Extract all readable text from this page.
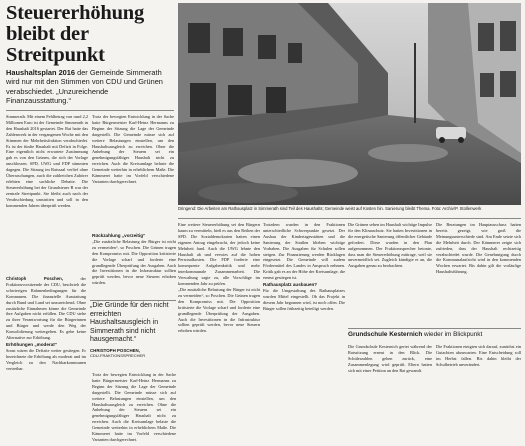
Steuererhöhung bleibt der Streitpunkt

Haushaltsplan 2016 der Gemeinde Simmerath wird nur mit den Stimmen von CDU und Grünen verabschiedet. „Unzureichende Finanzausstattung.“

Simmerath. Mit einem Fehlbetrag von rund 2,2 Millionen Euro ist der Gemeinde Simmerath in den Haushalt 2016 gestartet. Der Rat hatte das Zahlenwerk in der vergangenen Woche mit den Stimmen der Mehrheitsfraktion verabschiedet. Es ist der fünfte Haushalt mit Defizit in Folge. Eine eigentlich nicht erwartete Zustimmung gab es von den Grünen, die sich der Vorlage anschlossen. SPD, UWG und FDP stimmten dagegen. Die Sitzung im Ratssaal verlief ohne Überraschungen, auch die zahlreichen Zuhörer erlebten eine sachliche Debatte. Die Steuererhöhung bei der Grundsteuer B war der zentrale Streitpunkt. Sie bleibt auch nach der Verabschiedung umstritten und soll in den kommenden Jahren überprüft werden.

Trotz der bewegten Entwicklung in der Sache hatte Bürgermeister Karl-Heinz Hermanns zu Beginn der Sitzung die Lage der Gemeinde dargestellt. Die Gemeinde müsse sich auf weitere Belastungen einstellen, um den Haushaltsausgleich zu erreichen. Ohne die Anhebung der Steuern sei ein genehmigungsfähiger Haushalt nicht zu erreichen. Auch die Kreisumlage belaste die Gemeinde weiterhin in erheblichem Maße. Die Kämmerei hatte im Vorfeld verschiedene Varianten durchgerechnet.

Christoph Poschen,	der Fraktionsvorsitzende der CDU, beschrieb die schwierigen Rahmenbedingungen für die Kommunen. Die finanzielle Ausstattung durch Bund und Land sei unzureichend. Ohne zusätzliche Einnahmen könne die Gemeinde ihre Aufgaben nicht erfüllen. Die CDU stehe zu ihrer Verantwortung für die Bürgerinnen und Bürger und werde den Weg der Konsolidierung weitergehen. Es gebe keine Alternative zur Erhöhung.

Erhöhungen „moderat“

Sonst wären die Defizite weiter gestiegen. Er bezeichnete die Erhöhung als moderat und im Vergleich zu den Nachbarkommunen vertretbar.

Rückzahlung „vorzeitig“

„Die zusätzliche Belastung der Bürger ist nicht zu vermeiden“, so Poschen. Die Grünen trugen den Kompromiss mit. Die Opposition kritisierte die Vorlage scharf und forderte eine grundlegende Überprüfung der Ausgaben. Auch die Investitionen in die Infrastruktur sollten geprüft werden, bevor neue Steuern erhoben würden.

„Die Gründe für den nicht erreichten Haushaltsausgleich in Simmerath sind nicht hausgemacht.“

CHRISTOPH POSCHEN,

CDU-FRAKTIONSSPRECHER

Trotz der bewegten Entwicklung in der Sache hatte Bürgermeister Karl-Heinz Hermanns zu Beginn der Sitzung die Lage der Gemeinde dargestellt. Die Gemeinde müsse sich auf weitere Belastungen einstellen, um den Haushaltsausgleich zu erreichen. Ohne die Anhebung der Steuern sei ein genehmigungsfähiger Haushalt nicht zu erreichen. Auch die Kreisumlage belaste die Gemeinde weiterhin in erheblichem Maße. Die Kämmerei hatte im Vorfeld verschiedene Varianten durchgerechnet.

Dringend: Die Arbeiten am Rathausplatz in Simmerath sind Teil des Haushalts; Gemeinde weist auf Kosten hin. Sanierung bleibt Thema. Foto: Archiv/P. Stollenwerk

Eine weitere Steuererhöhung sei den Bürgern kaum zu vermitteln, hieß es aus den Reihen der SPD. Die Sozialdemokraten hatten einen eigenen Antrag eingebracht, der jedoch keine Mehrheit fand. Auch die UWG lehnte den Haushalt ab und verwies auf die hohen Personalkosten. Die FDP forderte eine konsequente Aufgabenkritik und mehr interkommunale Zusammenarbeit. Die Verwaltung sagte zu, alle Vorschläge im kommenden Jahr zu prüfen.

„Die zusätzliche Belastung der Bürger ist nicht zu vermeiden“, so Poschen. Die Grünen trugen den Kompromiss mit. Die Opposition kritisierte die Vorlage scharf und forderte eine grundlegende Überprüfung der Ausgaben. Auch die Investitionen in die Infrastruktur sollten geprüft werden, bevor neue Steuern erhoben würden.

Trotzdem wurden in den Fraktionen unterschiedliche Schwerpunkte gesetzt. Der Ausbau der Kindertagesstätten und die Sanierung der Straßen blieben wichtige Vorhaben. Die Ausgaben für Schulen sollen steigen. Zur Finanzierung werden Rücklagen eingesetzt. Die Gemeinde will zudem Fördermittel des Landes in Anspruch nehmen. Kritik gab es an der Höhe der Kreisumlage, die erneut gestiegen ist.

Rathausplatz ausbauen?

Für die Umgestaltung des Rathausplatzes wurden Mittel eingestellt. Ob das Projekt in diesem Jahr begonnen wird, ist noch offen. Die Bürger sollen frühzeitig beteiligt werden.

Die Grünen sehen im Haushalt wichtige Impulse für den Klimaschutz. Sie hatten Investitionen in die energetische Sanierung öffentlicher Gebäude gefordert. Diese wurden in den Plan aufgenommen. Der Fraktionssprecher betonte, dass man die Steuererhöhung mittrage, weil sie unvermeidlich sei. Zugleich kündigte er an, die Ausgaben genau zu beobachten.

Die Beratungen im Hauptausschuss hatten bereits gezeigt, wie groß die Meinungsunterschiede sind. Am Ende setzte sich die Mehrheit durch. Der Kämmerer zeigte sich zufrieden, dass der Haushalt rechtzeitig verabschiedet wurde. Die Genehmigung durch die Kommunalaufsicht wird in den kommenden Wochen erwartet. Bis dahin gilt die vorläufige Haushaltsführung.

Grundschule Kesternich wieder im Blickpunkt

Die Grundschule Kesternich geriet während der Ratssitzung erneut in den Blick. Die Schülerzahlen gehen zurück, eine Zusammenlegung wird geprüft. Eltern hatten sich mit einer Petition an den Rat gewandt.

Die Fraktionen einigten sich darauf, zunächst ein Gutachten abzuwarten. Eine Entscheidung soll im Herbst fallen. Bis dahin bleibt der Schulbetrieb unverändert.
